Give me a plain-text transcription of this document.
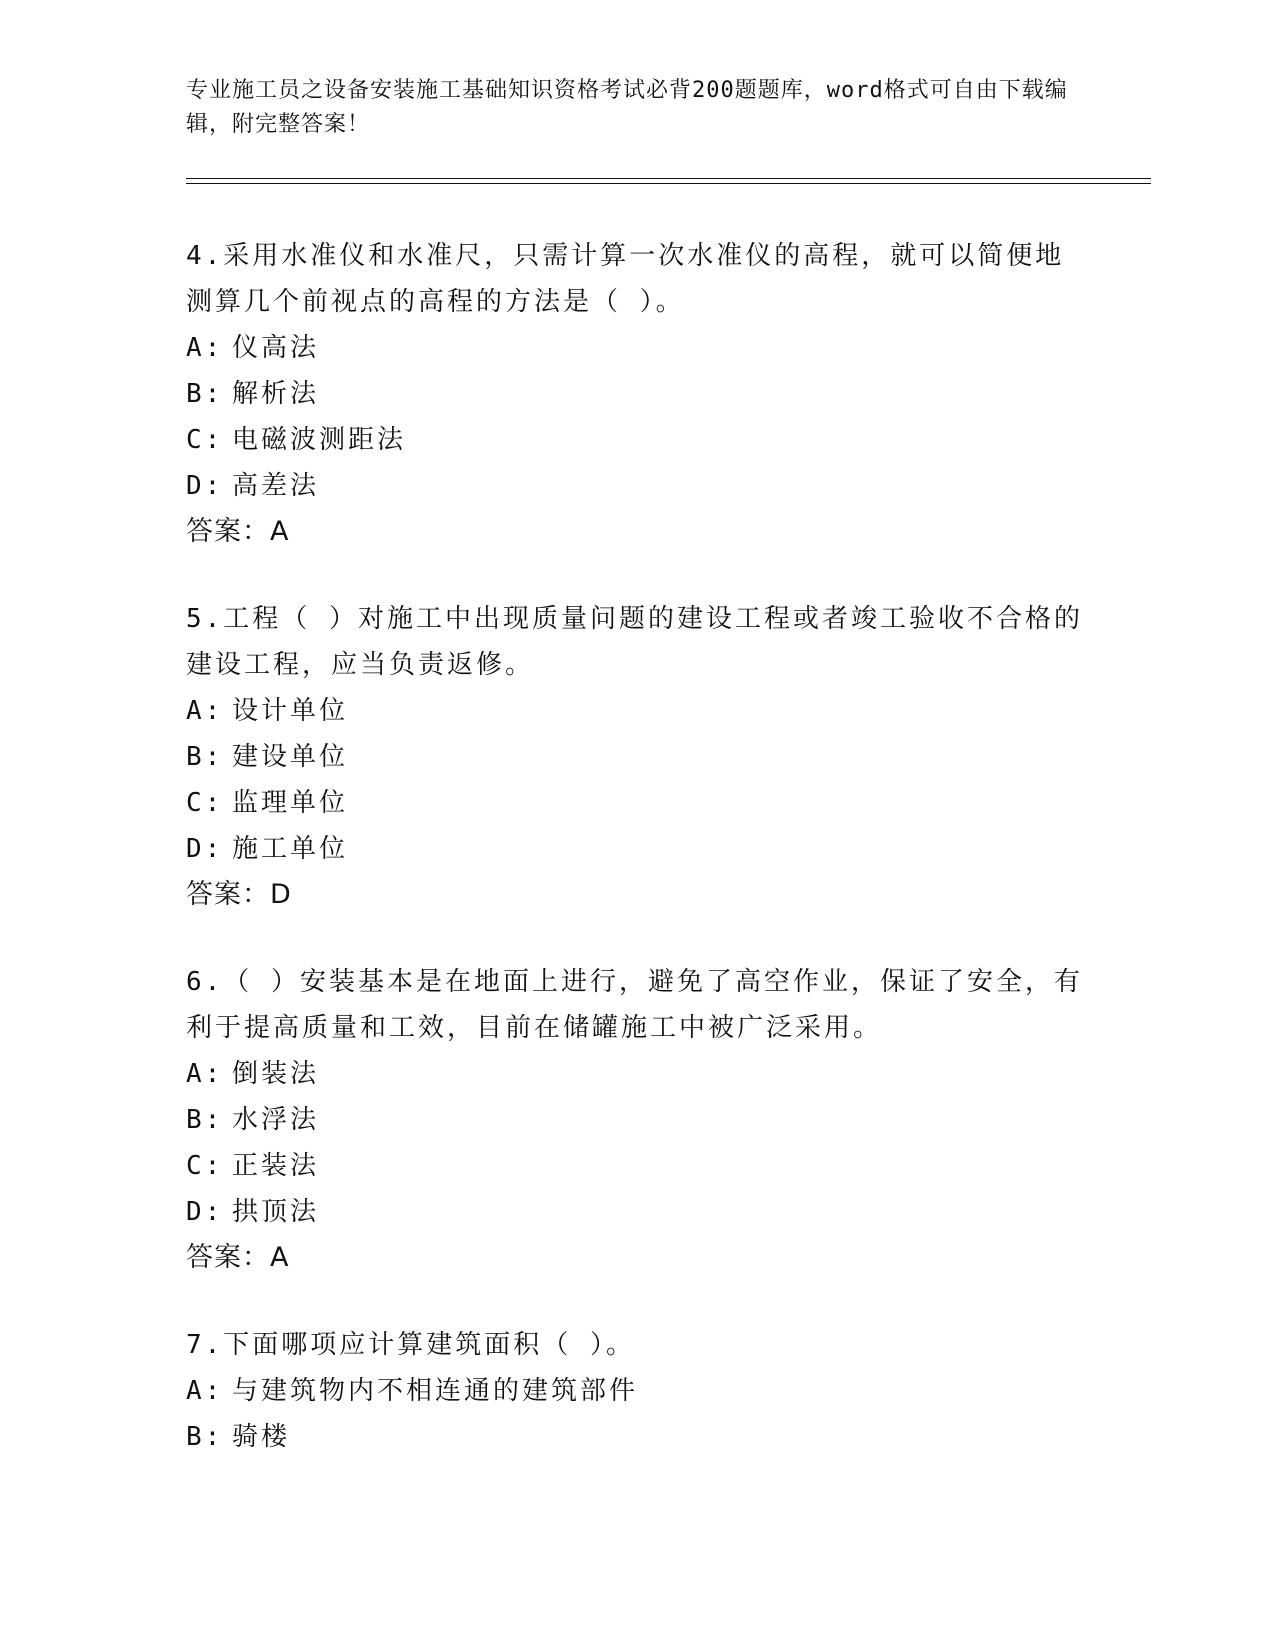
专业施工员之设备安装施工基础知识资格考试必背200题题库，word格式可自由下载编辑，附完整答案！

4.采用水准仪和水准尺，只需计算一次水准仪的高程，就可以简便地测算几个前视点的高程的方法是（ ）。

A: 仪高法

B: 解析法

C: 电磁波测距法

D: 高差法

答案：A

5.工程（ ）对施工中出现质量问题的建设工程或者竣工验收不合格的建设工程，应当负责返修。

A: 设计单位

B: 建设单位

C: 监理单位

D: 施工单位

答案：D

6.（ ）安装基本是在地面上进行，避免了高空作业，保证了安全，有利于提高质量和工效，目前在储罐施工中被广泛采用。

A: 倒装法

B: 水浮法

C: 正装法

D: 拱顶法

答案：A

7.下面哪项应计算建筑面积（ ）。

A: 与建筑物内不相连通的建筑部件

B: 骑楼
